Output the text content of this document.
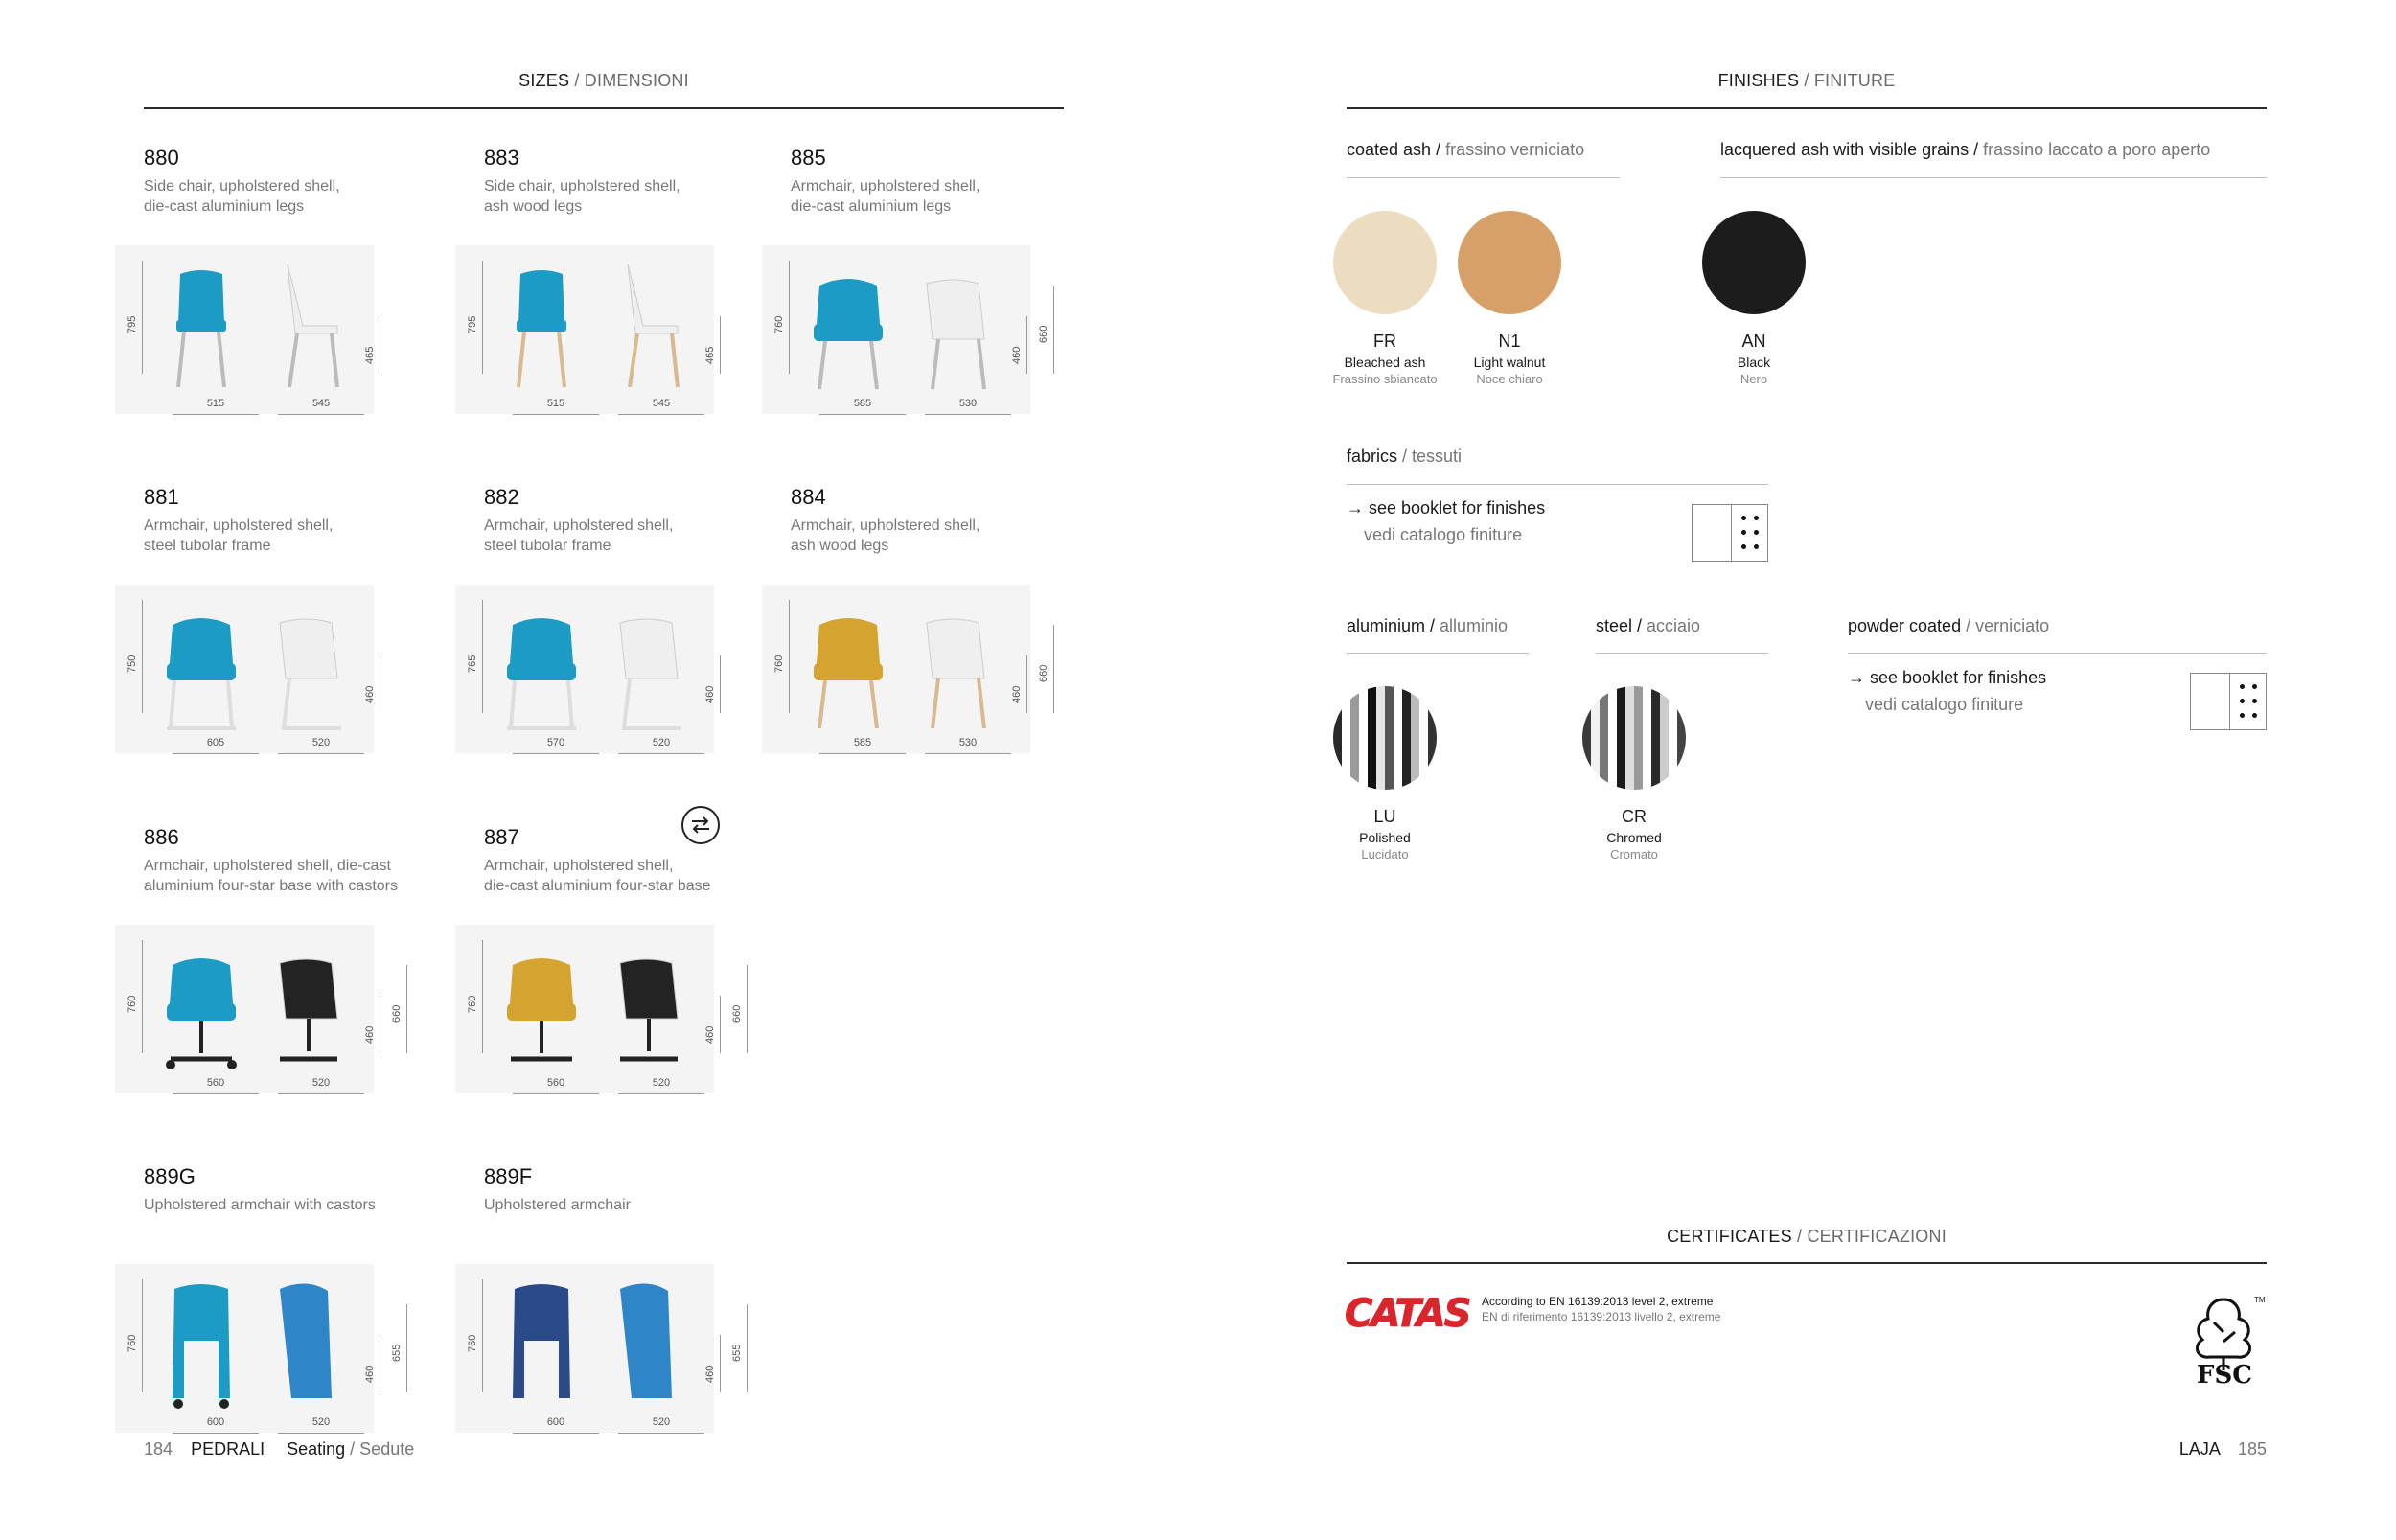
SIZES / DIMENSIONI
880
Side chair, upholstered shell,
die-cast aluminium legs
795
465
515	545
883
Side chair, upholstered shell,
ash wood legs
795
465
515	545
885
Armchair, upholstered shell,
die-cast aluminium legs
760
460
660
585	530
881
Armchair, upholstered shell,
steel tubolar frame
750
460
605	520
882
Armchair, upholstered shell,
steel tubolar frame
765
460
570	520
884
Armchair, upholstered shell,
ash wood legs
760
460
660
585	530
886
Armchair, upholstered shell, die-cast
aluminium four-star base with castors
760
460
660
560	520
887
Armchair, upholstered shell,
die-cast aluminium four-star base
760
460
660
560	520
889G
Upholstered armchair with castors
760
460
655
600	520
889F
Upholstered armchair
760
460
655
600	520
FINISHES / FINITURE
coated ash / frassino verniciato	lacquered ash with visible grains / frassino laccato a poro aperto
FR
Bleached ash
Frassino sbiancato
N1
Light walnut
Noce chiaro
AN
Black
Nero
fabrics / tessuti
→ see booklet for finishes
vedi catalogo finiture
aluminium / alluminio	steel / acciaio	powder coated / verniciato
→ see booklet for finishes
vedi catalogo finiture
LU
Polished
Lucidato
CR
Chromed
Cromato
CERTIFICATES / CERTIFICAZIONI
CATAS According to EN 16139:2013 level 2, extreme
EN di riferimento 16139:2013 livello 2, extreme
FSC
TM
184 PEDRALI Seating / Sedute	LAJA 185
